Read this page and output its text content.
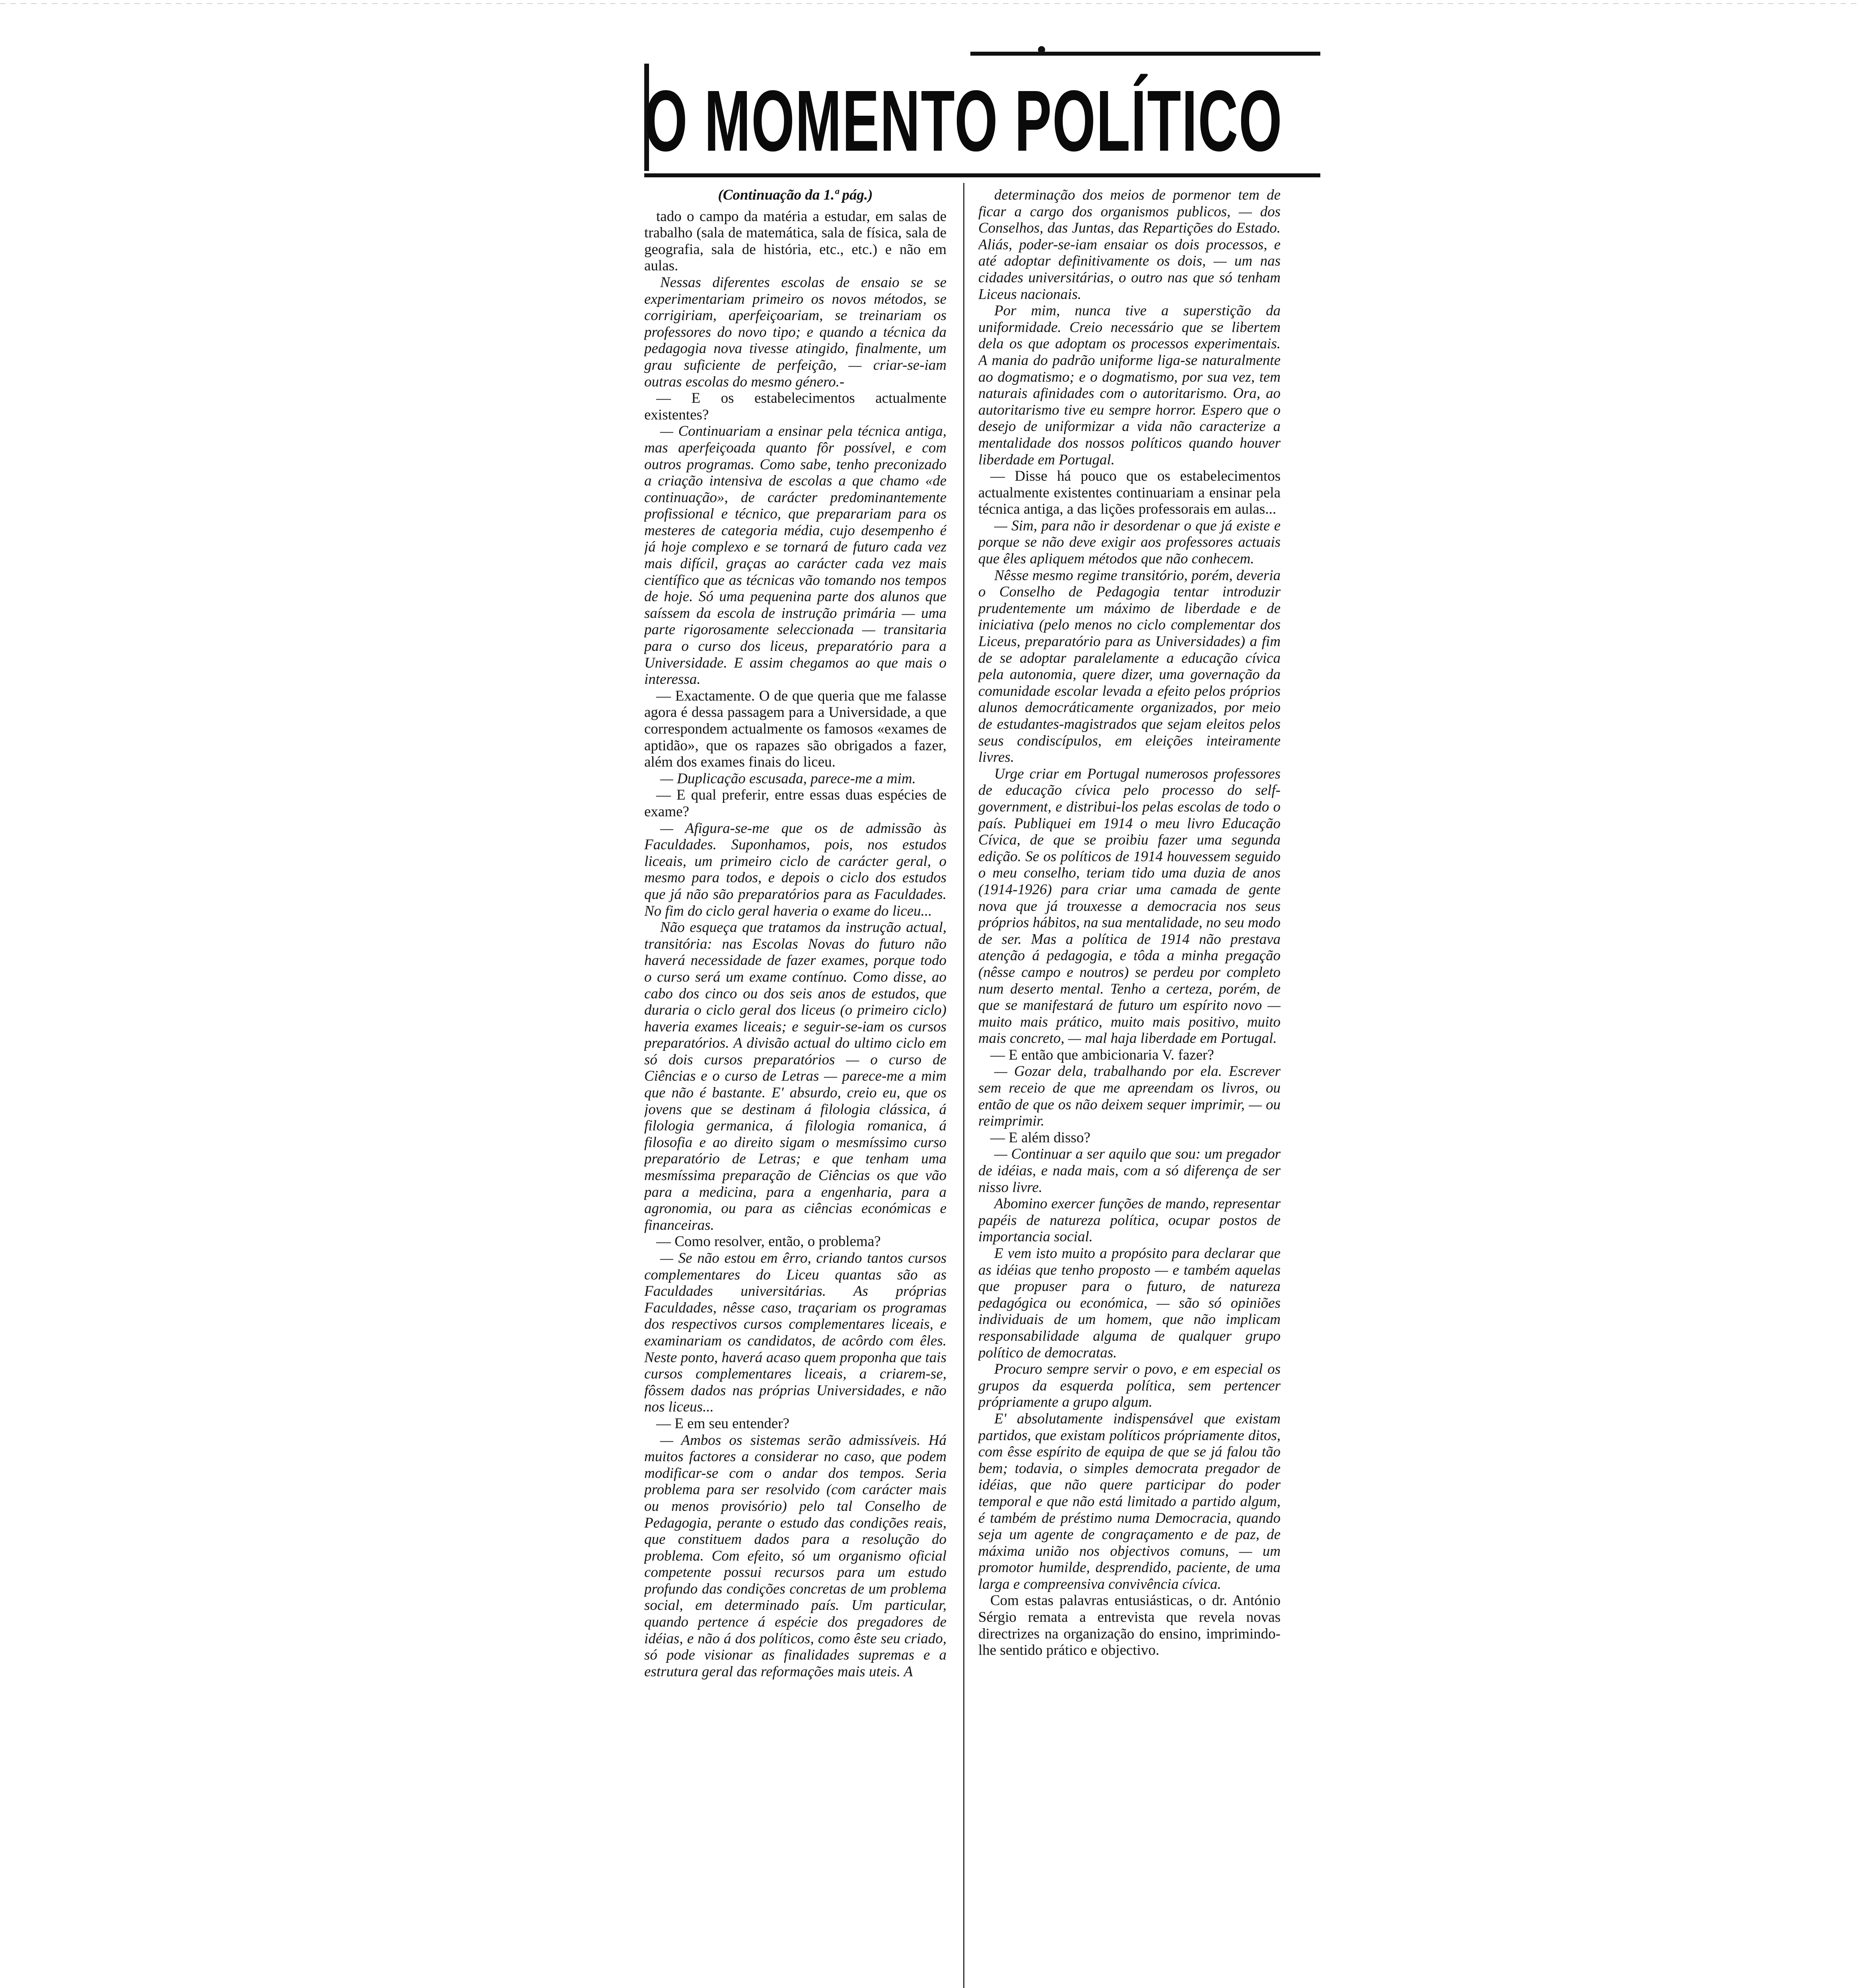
O MOMENTO POLÍTICO
(Continuação da 1.ª pág.)

tado o campo da matéria a estudar, em salas de trabalho (sala de matemática, sala de física, sala de geografia, sala de história, etc., etc.) e não em aulas.

Nessas diferentes escolas de ensaio se se experimentariam primeiro os novos métodos, se corrigiriam, aperfeiçoariam, se treinariam os professores do novo tipo; e quando a técnica da pedagogia nova tivesse atingido, finalmente, um grau suficiente de perfeição, — criar-se-iam outras escolas do mesmo género.-

— E os estabelecimentos actualmente existentes?

— Continuariam a ensinar pela técnica antiga, mas aperfeiçoada quanto fôr possível, e com outros programas. Como sabe, tenho preconizado a criação intensiva de escolas a que chamo «de continuação», de carácter predominantemente profissional e técnico, que preparariam para os mesteres de categoria média, cujo desempenho é já hoje complexo e se tornará de futuro cada vez mais difícil, graças ao carácter cada vez mais científico que as técnicas vão tomando nos tempos de hoje. Só uma pequenina parte dos alunos que saíssem da escola de instrução primária — uma parte rigorosamente seleccionada — transitaria para o curso dos liceus, preparatório para a Universidade. E assim chegamos ao que mais o interessa.

— Exactamente. O de que queria que me falasse agora é dessa passagem para a Universidade, a que correspondem actualmente os famosos «exames de aptidão», que os rapazes são obrigados a fazer, além dos exames finais do liceu.

— Duplicação escusada, parece-me a mim.

— E qual preferir, entre essas duas espécies de exame?

— Afigura-se-me que os de admissão às Faculdades. Suponhamos, pois, nos estudos liceais, um primeiro ciclo de carácter geral, o mesmo para todos, e depois o ciclo dos estudos que já não são preparatórios para as Faculdades. No fim do ciclo geral haveria o exame do liceu...

Não esqueça que tratamos da instrução actual, transitória: nas Escolas Novas do futuro não haverá necessidade de fazer exames, porque todo o curso será um exame contínuo. Como disse, ao cabo dos cinco ou dos seis anos de estudos, que duraria o ciclo geral dos liceus (o primeiro ciclo) haveria exames liceais; e seguir-se-iam os cursos preparatórios. A divisão actual do ultimo ciclo em só dois cursos preparatórios — o curso de Ciências e o curso de Letras — parece-me a mim que não é bastante. E' absurdo, creio eu, que os jovens que se destinam á filologia clássica, á filologia germanica, á filologia romanica, á filosofia e ao direito sigam o mesmíssimo curso preparatório de Letras; e que tenham uma mesmíssima preparação de Ciências os que vão para a medicina, para a engenharia, para a agronomia, ou para as ciências económicas e financeiras.

— Como resolver, então, o problema?

— Se não estou em êrro, criando tantos cursos complementares do Liceu quantas são as Faculdades universitárias. As próprias Faculdades, nêsse caso, traçariam os programas dos respectivos cursos complementares liceais, e examinariam os candidatos, de acôrdo com êles. Neste ponto, haverá acaso quem proponha que tais cursos complementares liceais, a criarem-se, fôssem dados nas próprias Universidades, e não nos liceus...

— E em seu entender?

— Ambos os sistemas serão admissíveis. Há muitos factores a considerar no caso, que podem modificar-se com o andar dos tempos. Seria problema para ser resolvido (com carácter mais ou menos provisório) pelo tal Conselho de Pedagogia, perante o estudo das condições reais, que constituem dados para a resolução do problema. Com efeito, só um organismo oficial competente possui recursos para um estudo profundo das condições concretas de um problema social, em determinado país. Um particular, quando pertence á espécie dos pregadores de idéias, e não á dos políticos, como êste seu criado, só pode visionar as finalidades supremas e a estrutura geral das reformações mais uteis. A

determinação dos meios de pormenor tem de ficar a cargo dos organismos publicos, — dos Conselhos, das Juntas, das Repartições do Estado. Aliás, poder-se-iam ensaiar os dois processos, e até adoptar definitivamente os dois, — um nas cidades universitárias, o outro nas que só tenham Liceus nacionais.

Por mim, nunca tive a superstição da uniformidade. Creio necessário que se libertem dela os que adoptam os processos experimentais. A mania do padrão uniforme liga-se naturalmente ao dogmatismo; e o dogmatismo, por sua vez, tem naturais afinidades com o autoritarismo. Ora, ao autoritarismo tive eu sempre horror. Espero que o desejo de uniformizar a vida não caracterize a mentalidade dos nossos políticos quando houver liberdade em Portugal.

— Disse há pouco que os estabelecimentos actualmente existentes continuariam a ensinar pela técnica antiga, a das lições professorais em aulas...

— Sim, para não ir desordenar o que já existe e porque se não deve exigir aos professores actuais que êles apliquem métodos que não conhecem.

Nêsse mesmo regime transitório, porém, deveria o Conselho de Pedagogia tentar introduzir prudentemente um máximo de liberdade e de iniciativa (pelo menos no ciclo complementar dos Liceus, preparatório para as Universidades) a fim de se adoptar paralelamente a educação cívica pela autonomia, quere dizer, uma governação da comunidade escolar levada a efeito pelos próprios alunos democráticamente organizados, por meio de estudantes-magistrados que sejam eleitos pelos seus condiscípulos, em eleições inteiramente livres.

Urge criar em Portugal numerosos professores de educação cívica pelo processo do self-government, e distribui-los pelas escolas de todo o país. Publiquei em 1914 o meu livro Educação Cívica, de que se proibiu fazer uma segunda edição. Se os políticos de 1914 houvessem seguido o meu conselho, teriam tido uma duzia de anos (1914-1926) para criar uma camada de gente nova que já trouxesse a democracia nos seus próprios hábitos, na sua mentalidade, no seu modo de ser. Mas a política de 1914 não prestava atenção á pedagogia, e tôda a minha pregação (nêsse campo e noutros) se perdeu por completo num deserto mental. Tenho a certeza, porém, de que se manifestará de futuro um espírito novo — muito mais prático, muito mais positivo, muito mais concreto, — mal haja liberdade em Portugal.

— E então que ambicionaria V. fazer?

— Gozar dela, trabalhando por ela. Escrever sem receio de que me apreendam os livros, ou então de que os não deixem sequer imprimir, — ou reimprimir.

— E além disso?

— Continuar a ser aquilo que sou: um pregador de idéias, e nada mais, com a só diferença de ser nisso livre.

Abomino exercer funções de mando, representar papéis de natureza política, ocupar postos de importancia social.

E vem isto muito a propósito para declarar que as idéias que tenho proposto — e também aquelas que propuser para o futuro, de natureza pedagógica ou económica, — são só opiniões individuais de um homem, que não implicam responsabilidade alguma de qualquer grupo político de democratas.

Procuro sempre servir o povo, e em especial os grupos da esquerda política, sem pertencer própriamente a grupo algum.

E' absolutamente indispensável que existam partidos, que existam políticos própriamente ditos, com êsse espírito de equipa de que se já falou tão bem; todavia, o simples democrata pregador de idéias, que não quere participar do poder temporal e que não está limitado a partido algum, é também de préstimo numa Democracia, quando seja um agente de congraçamento e de paz, de máxima união nos objectivos comuns, — um promotor humilde, desprendido, paciente, de uma larga e compreensiva convivência cívica.

Com estas palavras entusiásticas, o dr. António Sérgio remata a entrevista que revela novas directrizes na organização do ensino, imprimindo-lhe sentido prático e objectivo.
